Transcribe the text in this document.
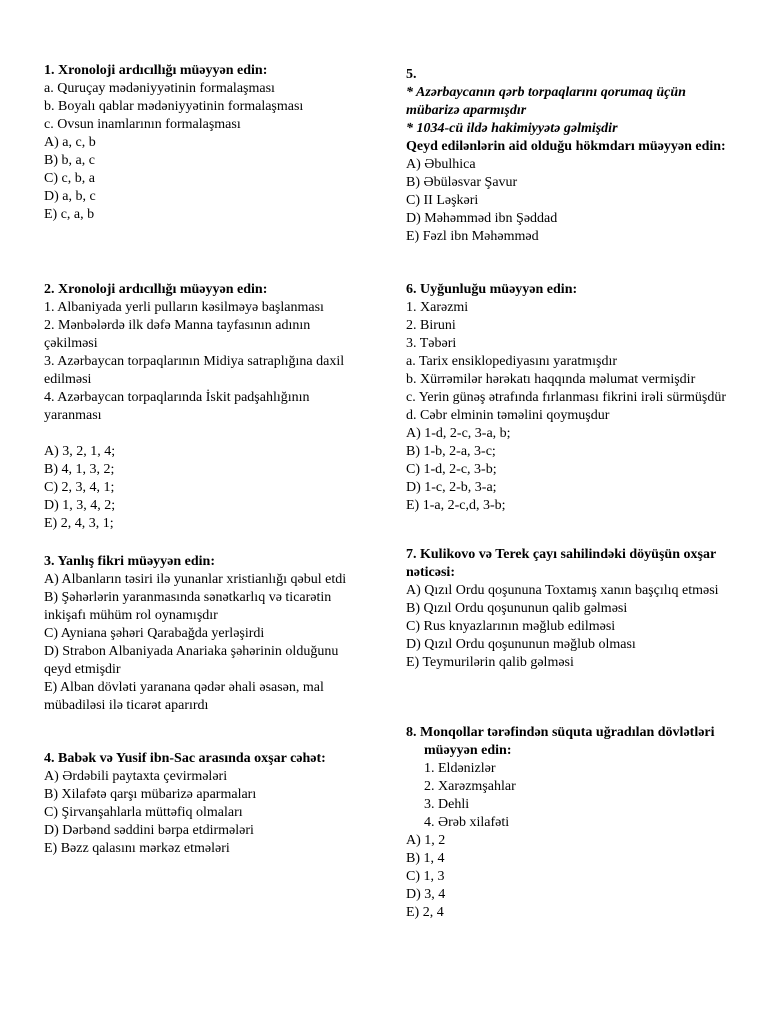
1. Xronoloji ardıcıllığı müəyyən edin:
a. Quruçay mədəniyyətinin formalaşması
b. Boyalı qablar mədəniyyətinin formalaşması
c. Ovsun inamlarının formalaşması
A) a, c, b
B) b, a, c
C) c, b, a
D) a, b, c
E) c, a, b
2. Xronoloji ardıcıllığı müəyyən edin:
1. Albaniyada yerli pulların kəsilməyə başlanması
2. Mənbələrdə ilk dəfə Manna tayfasının adının çəkilməsi
3. Azərbaycan torpaqlarının Midiya satraplığına daxil edilməsi
4. Azərbaycan torpaqlarında İskit padşahlığının yaranması
A) 3, 2, 1, 4;
B) 4, 1, 3, 2;
C) 2, 3, 4, 1;
D) 1, 3, 4, 2;
E) 2, 4, 3, 1;
3. Yanlış fikri müəyyən edin:
A) Albanların təsiri ilə yunanlar xristianlığı qəbul etdi
B) Şəhərlərin yaranmasında sənətkarlıq və ticarətin inkişafı mühüm rol oynamışdır
C) Ayniana şəhəri Qarabağda yerləşirdi
D) Strabon Albaniyada Anariaka şəhərinin olduğunu qeyd etmişdir
E) Alban dövləti yaranana qədər əhali əsasən, mal mübadiləsi ilə ticarət aparırdı
4. Babək və Yusif ibn-Sac arasında oxşar cəhət:
A) Ərdəbili paytaxta çevirmələri
B) Xilafətə qarşı mübarizə aparmaları
C) Şirvanşahlarla müttəfiq olmaları
D) Dərbənd səddini bərpa etdirmələri
E) Bəzz qalasını mərkəz etmələri
5.
* Azərbaycanın qərb torpaqlarını qorumaq üçün mübarizə aparmışdır
* 1034-cü ildə hakimiyyətə gəlmişdir
Qeyd edilənlərin aid olduğu hökmdarı müəyyən edin:
A) Əbulhica
B) Əbüləsvar Şavur
C) II Ləşkəri
D) Məhəmməd ibn Şəddad
E) Fəzl ibn Məhəmməd
6. Uyğunluğu müəyyən edin:
1. Xarəzmi
2. Biruni
3. Təbəri
a. Tarix ensiklopediyasını yaratmışdır
b. Xürrəmilər hərəkatı haqqında məlumat vermişdir
c. Yerin günəş ətrafında fırlanması fikrini irəli sürmüşdür
d. Cəbr elminin təməlini qoymuşdur
A) 1-d, 2-c, 3-a, b;
B) 1-b, 2-a, 3-c;
C) 1-d, 2-c, 3-b;
D) 1-c, 2-b, 3-a;
E) 1-a, 2-c,d, 3-b;
7. Kulikovo və Terek çayı sahilindəki döyüşün oxşar nəticəsi:
A) Qızıl Ordu qoşununa Toxtamış xanın başçılıq etməsi
B) Qızıl Ordu qoşununun qalib gəlməsi
C) Rus knyazlarının məğlub edilməsi
D) Qızıl Ordu qoşununun məğlub olması
E) Teymurilərin qalib gəlməsi
8. Monqollar tərəfindən süquta uğradılan dövlətləri müəyyən edin:
1. Eldənizlər
2. Xarəzmşahlar
3. Dehli
4. Ərəb xilafəti
A) 1, 2
B) 1, 4
C) 1, 3
D) 3, 4
E) 2, 4
